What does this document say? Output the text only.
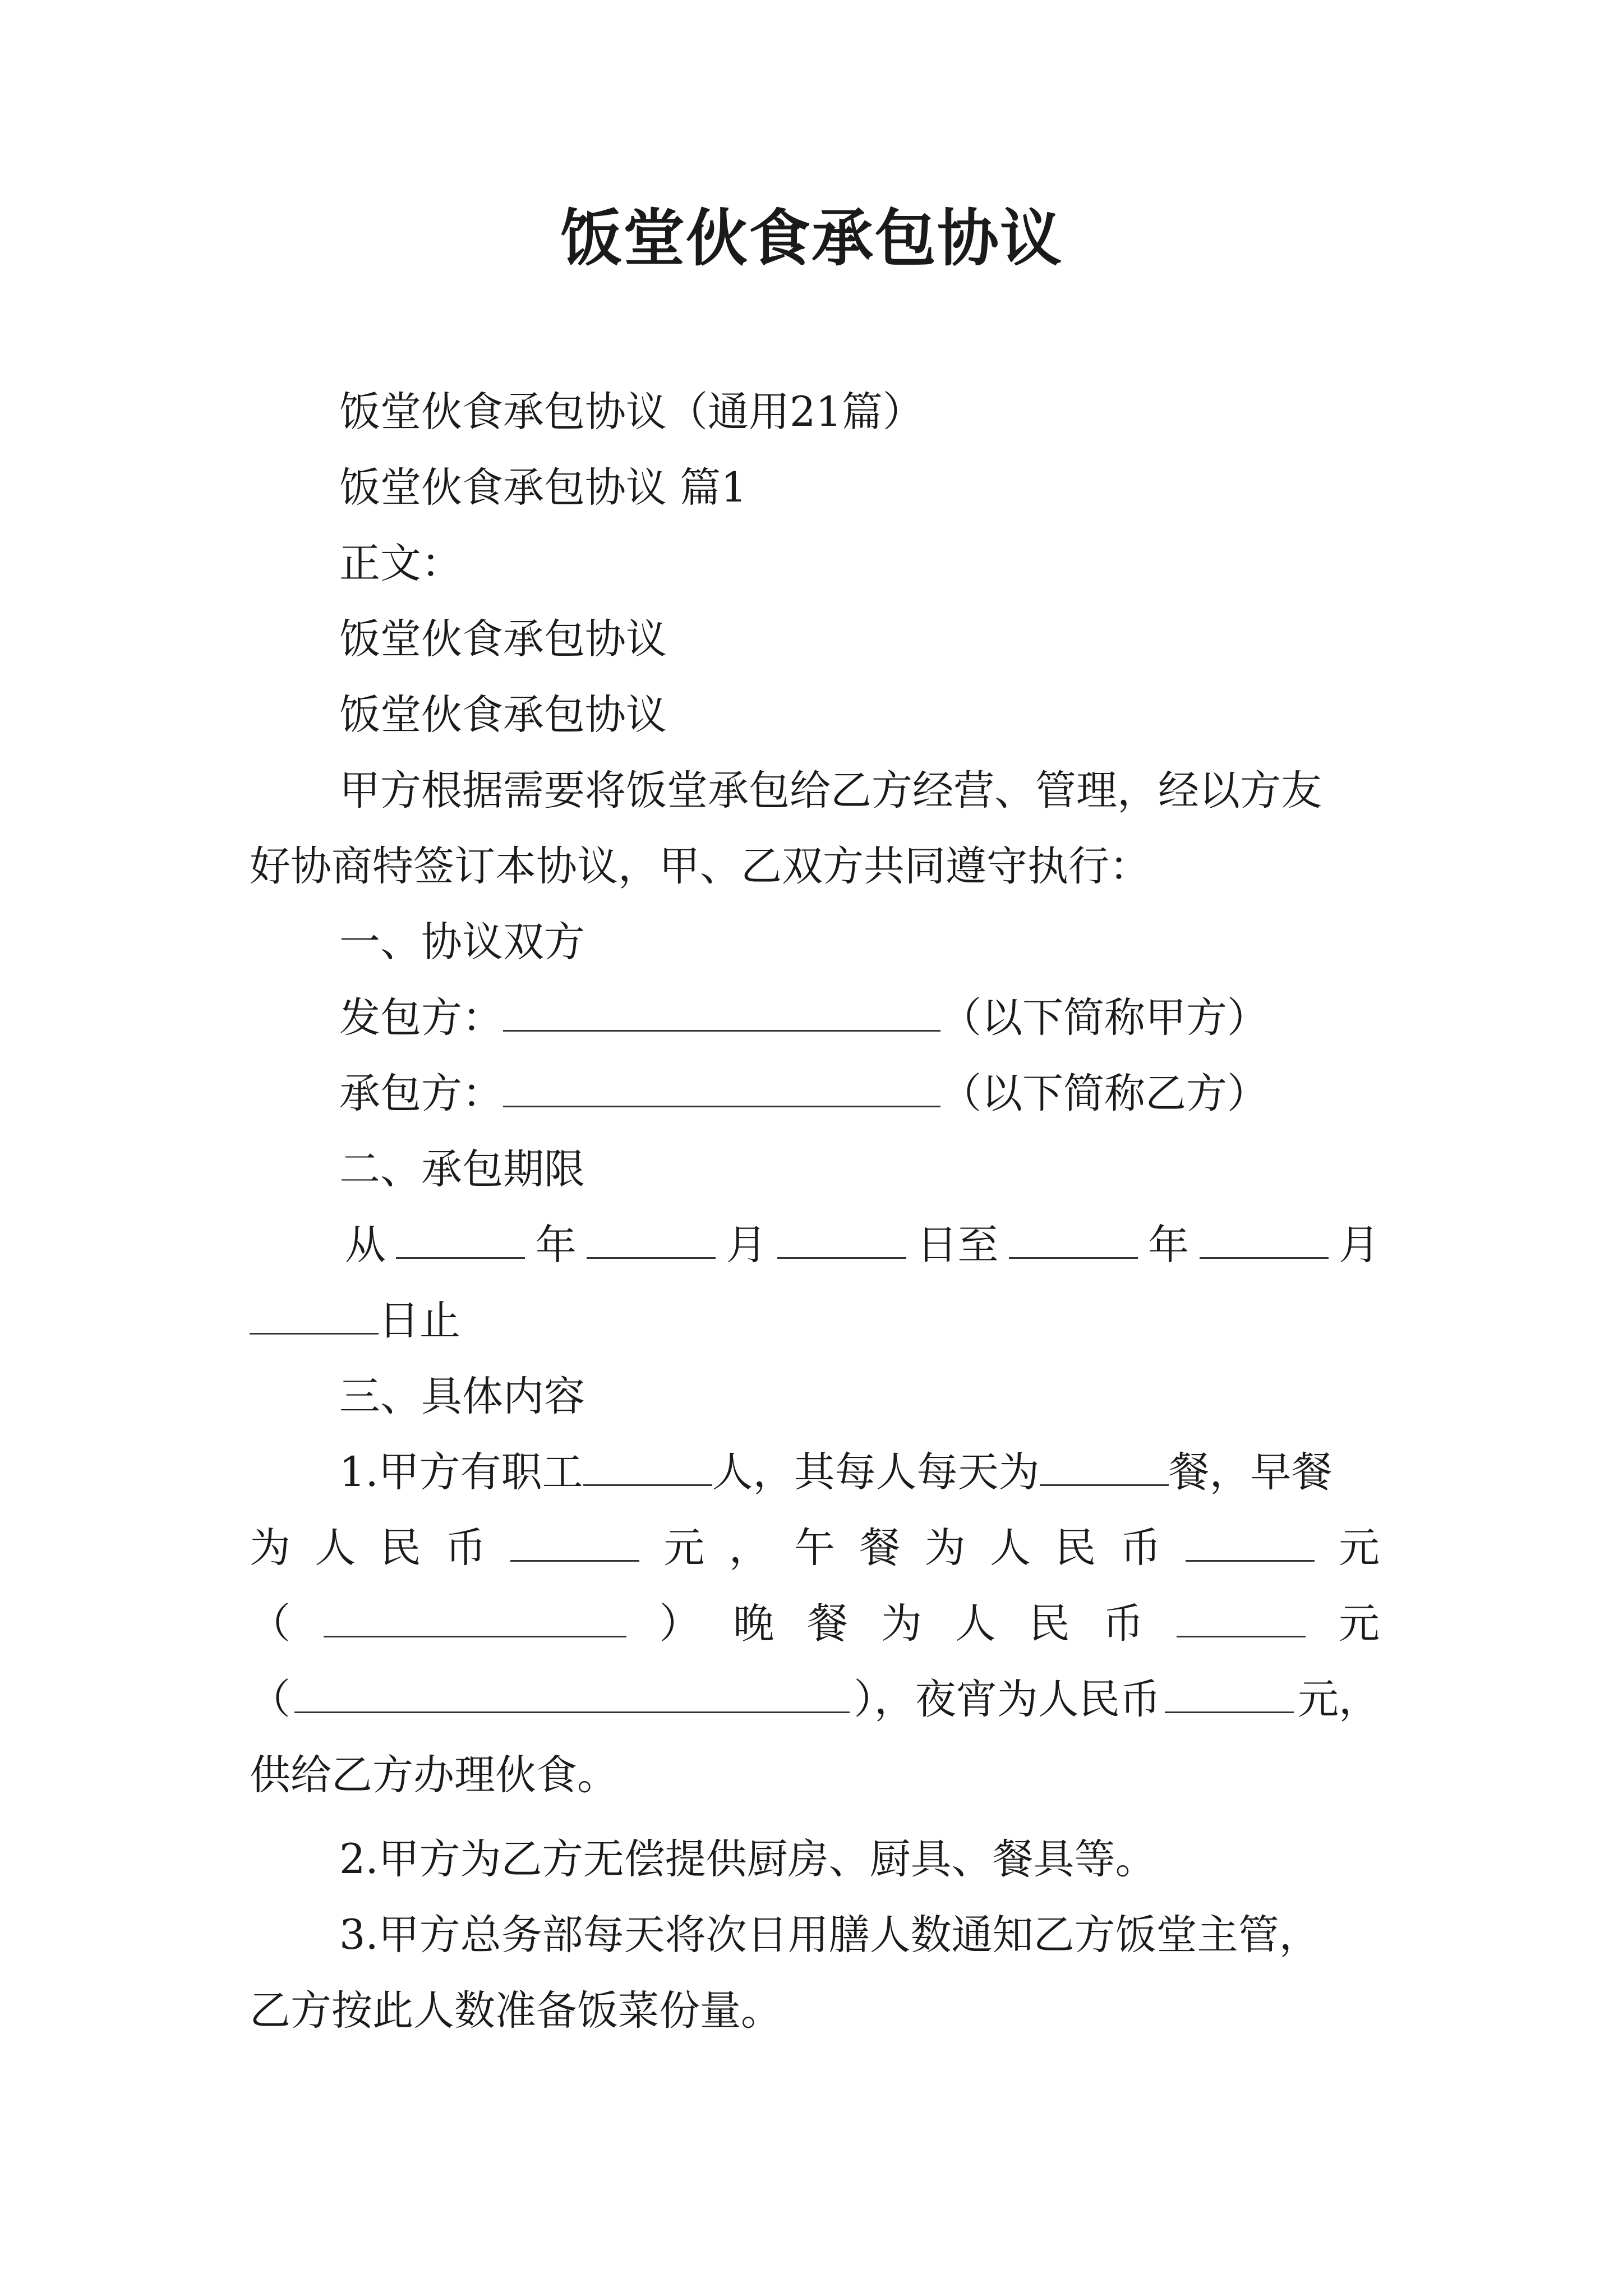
饭堂伙食承包协议
饭堂伙食承包协议（通用21篇）
饭堂伙食承包协议 篇1
正文：
饭堂伙食承包协议
饭堂伙食承包协议
甲方根据需要将饭堂承包给乙方经营、管理，经以方友
好协商特签订本协议，甲、乙双方共同遵守执行：
一、协议双方
发包方：	（以下简称甲方）
承包方：	（以下简称乙方）
二、承包期限
从	年	月	日至	年	月
日止
三、具体内容
1.甲方有职工	人，其每人每天为	餐，早餐
为 人 民 币	元 ， 午 餐 为 人 民 币	元
（	） 晚 餐 为 人 民 币	元
（	），夜宵为人民币	元，
供给乙方办理伙食。
2.甲方为乙方无偿提供厨房、厨具、餐具等。
3.甲方总务部每天将次日用膳人数通知乙方饭堂主管，
乙方按此人数准备饭菜份量。
